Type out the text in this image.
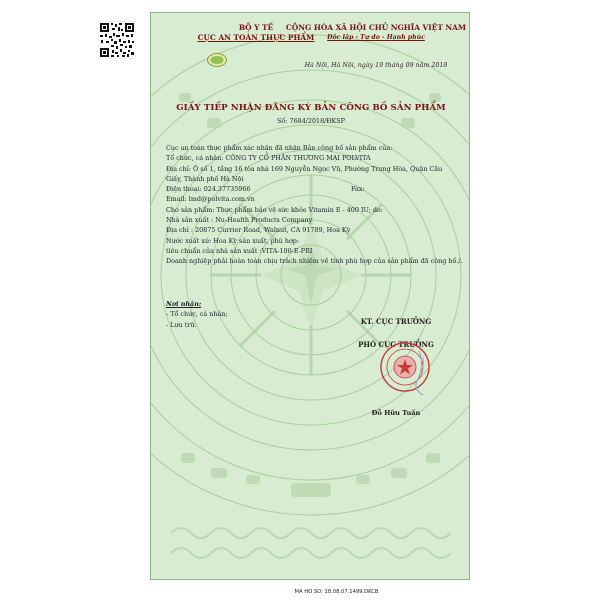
BỘ Y TẾ
CỤC AN TOÀN THỰC PHẨM
CỘNG HÒA XÃ HỘI CHỦ NGHĨA VIỆT NAM
Độc lập - Tự do - Hạnh phúc
Hà Nội, Hà Nội, ngày 19 tháng 09 năm 2018
GIẤY TIẾP NHẬN ĐĂNG KÝ BẢN CÔNG BỐ SẢN PHẨM
Số: 7684/2018/ĐKSP
Cục an toàn thực phẩm xác nhận đã nhận Bản công bố sản phẩm của:
Tổ chức, cá nhân: CÔNG TY CỔ PHẦN THƯƠNG MẠI POLVITA
Địa chỉ: Ô số 1, tầng 16 tòa nhà 169 Nguyễn Ngọc Vũ, Phường Trung Hòa, Quận Cầu
Giấy, Thành phố Hà Nội
Điện thoại: 024.37735966	Fax:
Email: lmd@polvita.com.vn
Cho sản phẩm: Thực phẩm bảo vệ sức khỏe Vitamin E - 400 IU; do:
Nhà sản xuất : Nu-Health Products Company
Địa chỉ : 20875 Currier Road, Walnut, CA 91789, Hoa Kỳ
Nước xuất xứ: Hoa Kỳ sản xuất, phù hợp:
tiêu chuẩn của nhà sản xuất :VITA-100-E-PRI
Doanh nghiệp phải hoàn toàn chịu trách nhiệm về tính phù hợp của sản phẩm đã công bố./.
Nơi nhận:
- Tổ chức, cá nhân;
- Lưu trữ.	KT. CỤC TRƯỞNG
PHÓ CỤC TRƯỞNG
Đỗ Hữu Tuấn
MA HO SO: 18.08.07.1499.DKCB
